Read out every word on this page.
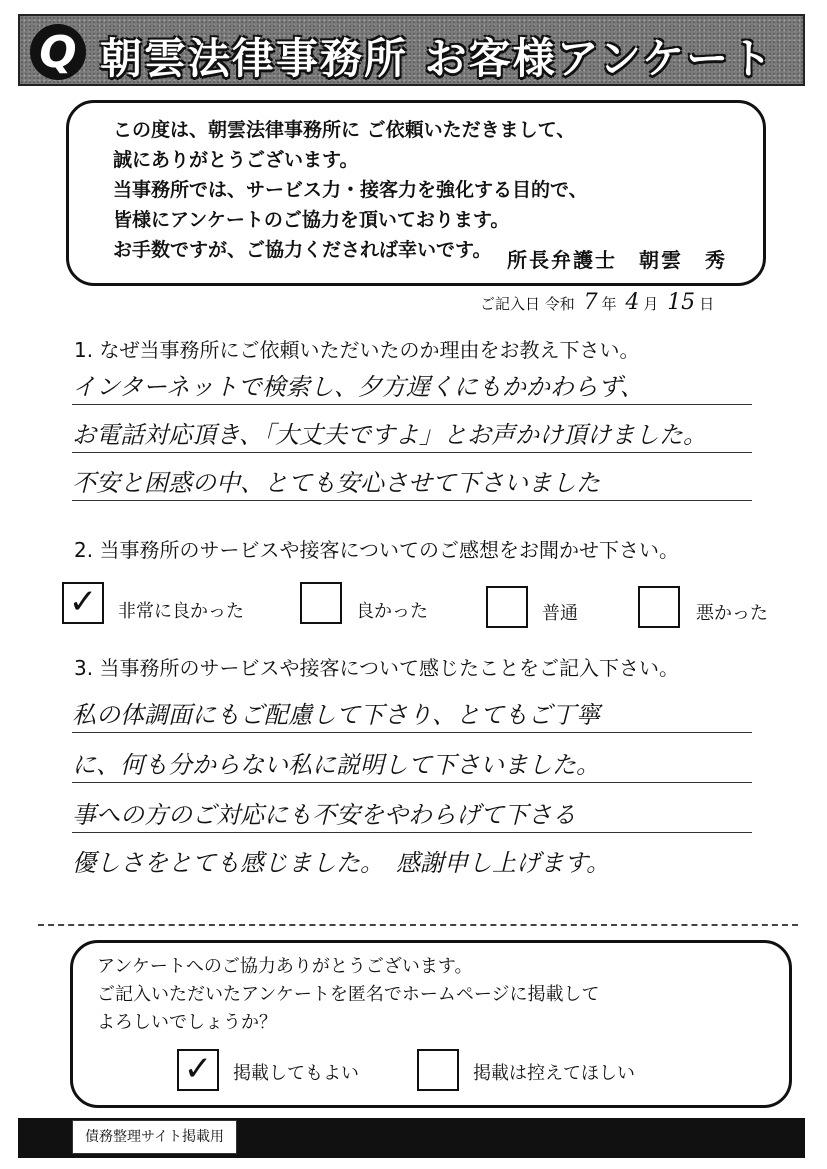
Q 朝雲法律事務所 お客様アンケート
この度は、朝雲法律事務所に ご依頼いただきまして、
誠にありがとうございます。
当事務所では、サービス力・接客力を強化する目的で、
皆様にアンケートのご協力を頂いております。
お手数ですが、ご協力くだされば幸いです。 所長弁護士　朝雲　秀
ご記入日 令和 7 年 4 月 15 日
1. なぜ当事務所にご依頼いただいたのか理由をお教え下さい。
インターネットで検索し、夕方遅くにもかかわらず、
お電話対応頂き、「大丈夫ですよ」とお声かけ頂けました。
不安と困惑の中、とても安心させて下さいました
2. 当事務所のサービスや接客についてのご感想をお聞かせ下さい。
✓	非常に良かった	良かった	普通	悪かった
3. 当事務所のサービスや接客について感じたことをご記入下さい。
私の体調面にもご配慮して下さり、とてもご丁寧
に、何も分からない私に説明して下さいました。
事への方のご対応にも不安をやわらげて下さる
優しさをとても感じました。　感謝申し上げます。
アンケートへのご協力ありがとうございます。
ご記入いただいたアンケートを匿名でホームページに掲載して
よろしいでしょうか？
✓	掲載してもよい	掲載は控えてほしい
債務整理サイト掲載用
